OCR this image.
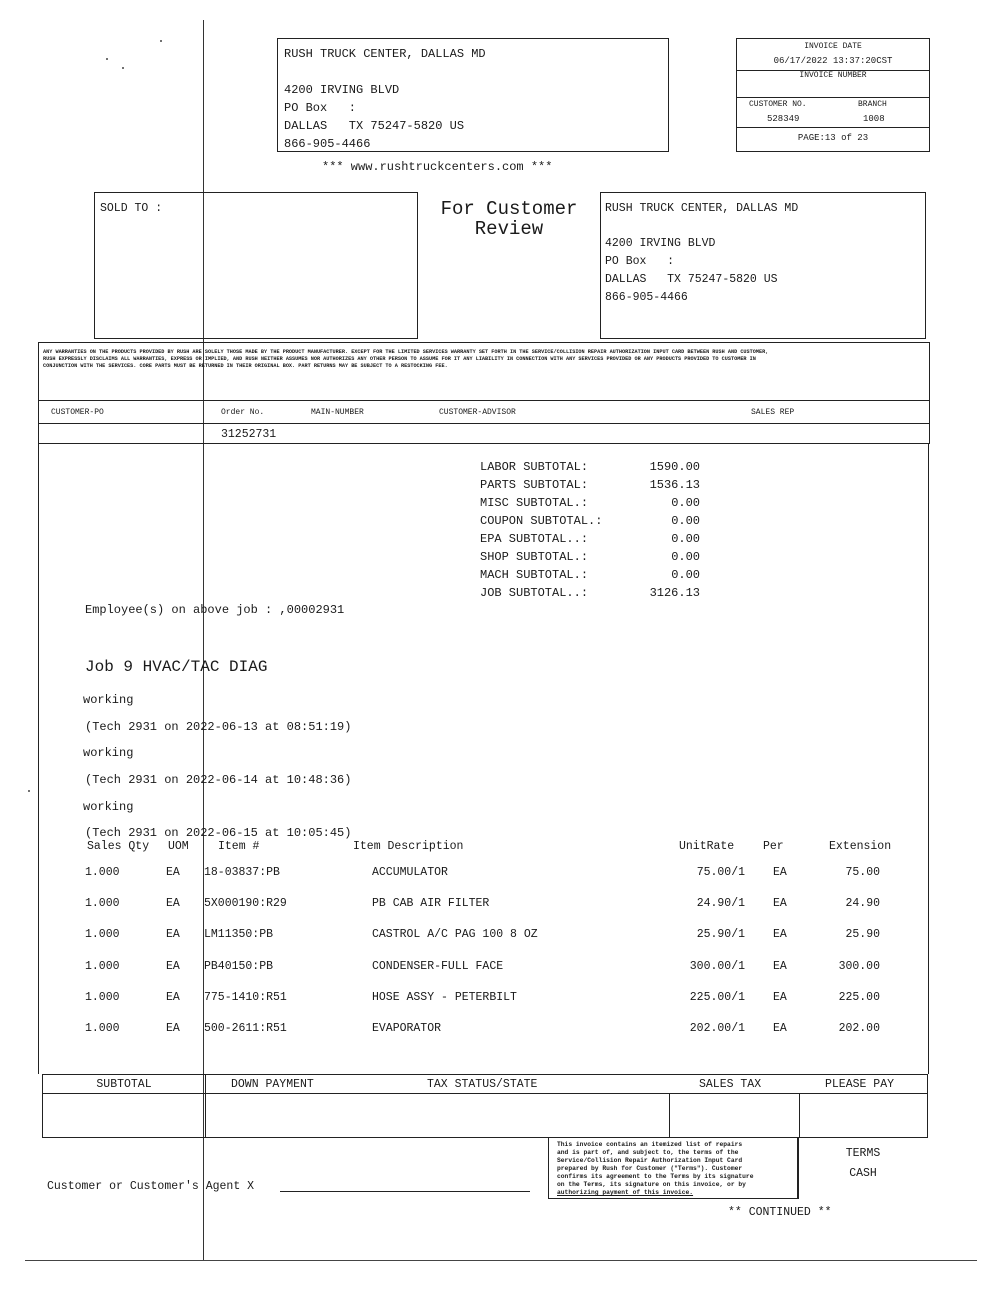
RUSH TRUCK CENTER, DALLAS MD
4200 IRVING BLVD
PO Box   :
DALLAS   TX 75247-5820 US
866-905-4466
*** www.rushtruckcenters.com ***
INVOICE DATE
06/17/2022 13:37:20CST
INVOICE NUMBER
CUSTOMER NO.	BRANCH
528349	1008
PAGE:13 of 23
SOLD TO :	For Customer
Review
RUSH TRUCK CENTER, DALLAS MD
4200 IRVING BLVD
PO Box   :
DALLAS   TX 75247-5820 US
866-905-4466
ANY WARRANTIES ON THE PRODUCTS PROVIDED BY RUSH ARE SOLELY THOSE MADE BY THE PRODUCT MANUFACTURER. EXCEPT FOR THE LIMITED SERVICES WARRANTY SET FORTH IN THE SERVICE/COLLISION REPAIR AUTHORIZATION INPUT CARD BETWEEN RUSH AND CUSTOMER,
RUSH EXPRESSLY DISCLAIMS ALL WARRANTIES, EXPRESS OR IMPLIED, AND RUSH NEITHER ASSUMES NOR AUTHORIZES ANY OTHER PERSON TO ASSUME FOR IT ANY LIABILITY IN CONNECTION WITH ANY SERVICES PROVIDED OR ANY PRODUCTS PROVIDED TO CUSTOMER IN
CONJUNCTION WITH THE SERVICES. CORE PARTS MUST BE RETURNED IN THEIR ORIGINAL BOX. PART RETURNS MAY BE SUBJECT TO A RESTOCKING FEE.
CUSTOMER-PO	Order No.	MAIN-NUMBER	CUSTOMER-ADVISOR	SALES REP
31252731
LABOR SUBTOTAL:	1590.00
PARTS SUBTOTAL:	1536.13
MISC SUBTOTAL.:	0.00
COUPON SUBTOTAL.:	0.00
EPA SUBTOTAL..:	0.00
SHOP SUBTOTAL.:	0.00
MACH SUBTOTAL.:	0.00
JOB SUBTOTAL..:	3126.13
Employee(s) on above job : ,00002931
Job 9 HVAC/TAC DIAG
working
(Tech 2931 on 2022-06-13 at 08:51:19)
working
(Tech 2931 on 2022-06-14 at 10:48:36)
working
(Tech 2931 on 2022-06-15 at 10:05:45)
Sales Qty UOM	Item #	Item Description	UnitRate	Per	Extension
1.000	EA 18-03837:PB	ACCUMULATOR	75.00/1 EA	75.00
1.000	EA 5X000190:R29	PB CAB AIR FILTER	24.90/1 EA	24.90
1.000	EA LM11350:PB	CASTROL A/C PAG 100 8 OZ	25.90/1 EA	25.90
1.000	EA PB40150:PB	CONDENSER-FULL FACE	300.00/1 EA	300.00
1.000	EA 775-1410:R51	HOSE ASSY - PETERBILT	225.00/1 EA	225.00
1.000	EA 500-2611:R51	EVAPORATOR	202.00/1 EA	202.00
SUBTOTAL	DOWN PAYMENT	TAX STATUS/STATE	SALES TAX	PLEASE PAY
This invoice contains an itemized list of repairs
and is part of, and subject to, the terms of the
Service/Collision Repair Authorization Input Card
prepared by Rush for Customer ("Terms"). Customer
confirms its agreement to the Terms by its signature
on the Terms, its signature on this invoice, or by
authorizing payment of this invoice.
TERMS
CASH
Customer or Customer's Agent X
** CONTINUED **
